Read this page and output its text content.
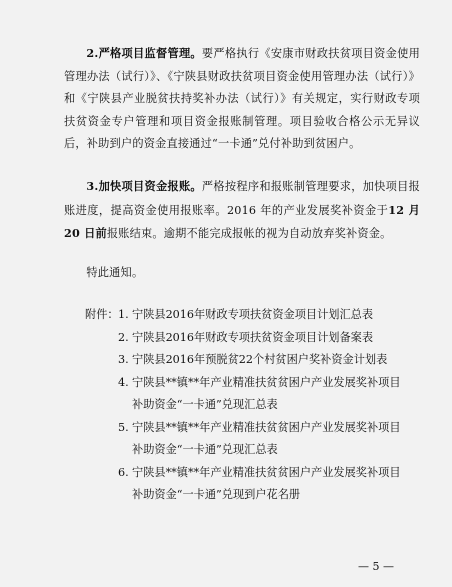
2.严格项目监督管理。要严格执行《安康市财政扶贫项目资金使用管理办法（试行）》、《宁陕县财政扶贫项目资金使用管理办法（试行）》和《宁陕县产业脱贫扶持奖补办法（试行）》有关规定，实行财政专项扶贫资金专户管理和项目资金报账制管理。项目验收合格公示无异议后，补助到户的资金直接通过“一卡通”兑付补助到贫困户。

3.加快项目资金报账。严格按程序和报账制管理要求，加快项目报账进度，提高资金使用报账率。2016 年的产业发展奖补资金于12 月 20 日前报账结束。逾期不能完成报帐的视为自动放弃奖补资金。

特此通知。

附件： 1. 宁陕县2016年财政专项扶贫资金项目计划汇总表
2. 宁陕县2016年财政专项扶贫资金项目计划备案表
3. 宁陕县2016年预脱贫22个村贫困户奖补资金计划表
4. 宁陕县**镇**年产业精准扶贫贫困户产业发展奖补项目补助资金“一卡通”兑现汇总表
5. 宁陕县**镇**年产业精准扶贫贫困户产业发展奖补项目补助资金“一卡通”兑现汇总表
6. 宁陕县**镇**年产业精准扶贫贫困户产业发展奖补项目补助资金“一卡通”兑现到户花名册
— 5 —
